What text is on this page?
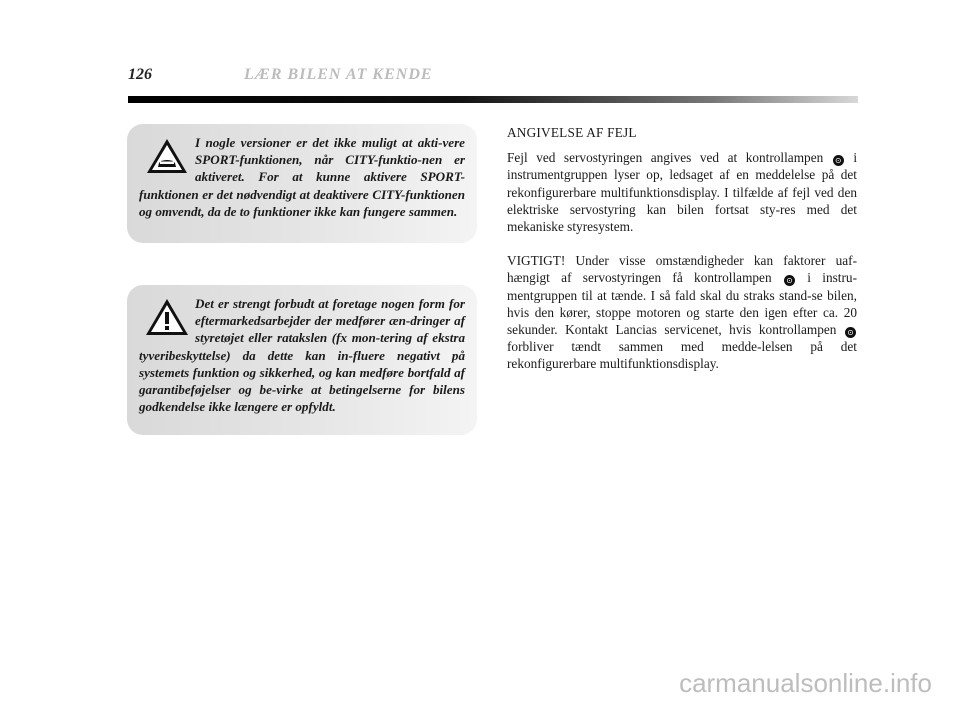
126	LÆR BILEN AT KENDE

I nogle versioner er det ikke muligt at akti-vere SPORT-funktionen, når CITY-funktio-nen er aktiveret. For at kunne aktivere SPORT-funktionen er det nødvendigt at deaktivere CITY-funktionen og omvendt, da de to funktioner ikke kan fungere sammen.

Det er strengt forbudt at foretage nogen form for eftermarkedsarbejder der medfører æn-dringer af styretøjet eller ratakslen (fx mon-tering af ekstra tyveribeskyttelse) da dette kan in-fluere negativt på systemets funktion og sikkerhed, og kan medføre bortfald af garantibeføjelser og be-virke at betingelserne for bilens godkendelse ikke længere er opfyldt.

ANGIVELSE AF FEJL

Fejl ved servostyringen angives ved at kontrollampen ⊙ i instrumentgruppen lyser op, ledsaget af en meddelelse på det rekonfigurerbare multifunktionsdisplay. I tilfælde af fejl ved den elektriske servostyring kan bilen fortsat sty-res med det mekaniske styresystem.

VIGTIGT! Under visse omstændigheder kan faktorer uaf-hængigt af servostyringen få kontrollampen ⊙ i instru-mentgruppen til at tænde. I så fald skal du straks stand-se bilen, hvis den kører, stoppe motoren og starte den igen efter ca. 20 sekunder. Kontakt Lancias servicenet, hvis kontrollampen ⊙ forbliver tændt sammen med medde-lelsen på det rekonfigurerbare multifunktionsdisplay.

carmanualsonline.info
